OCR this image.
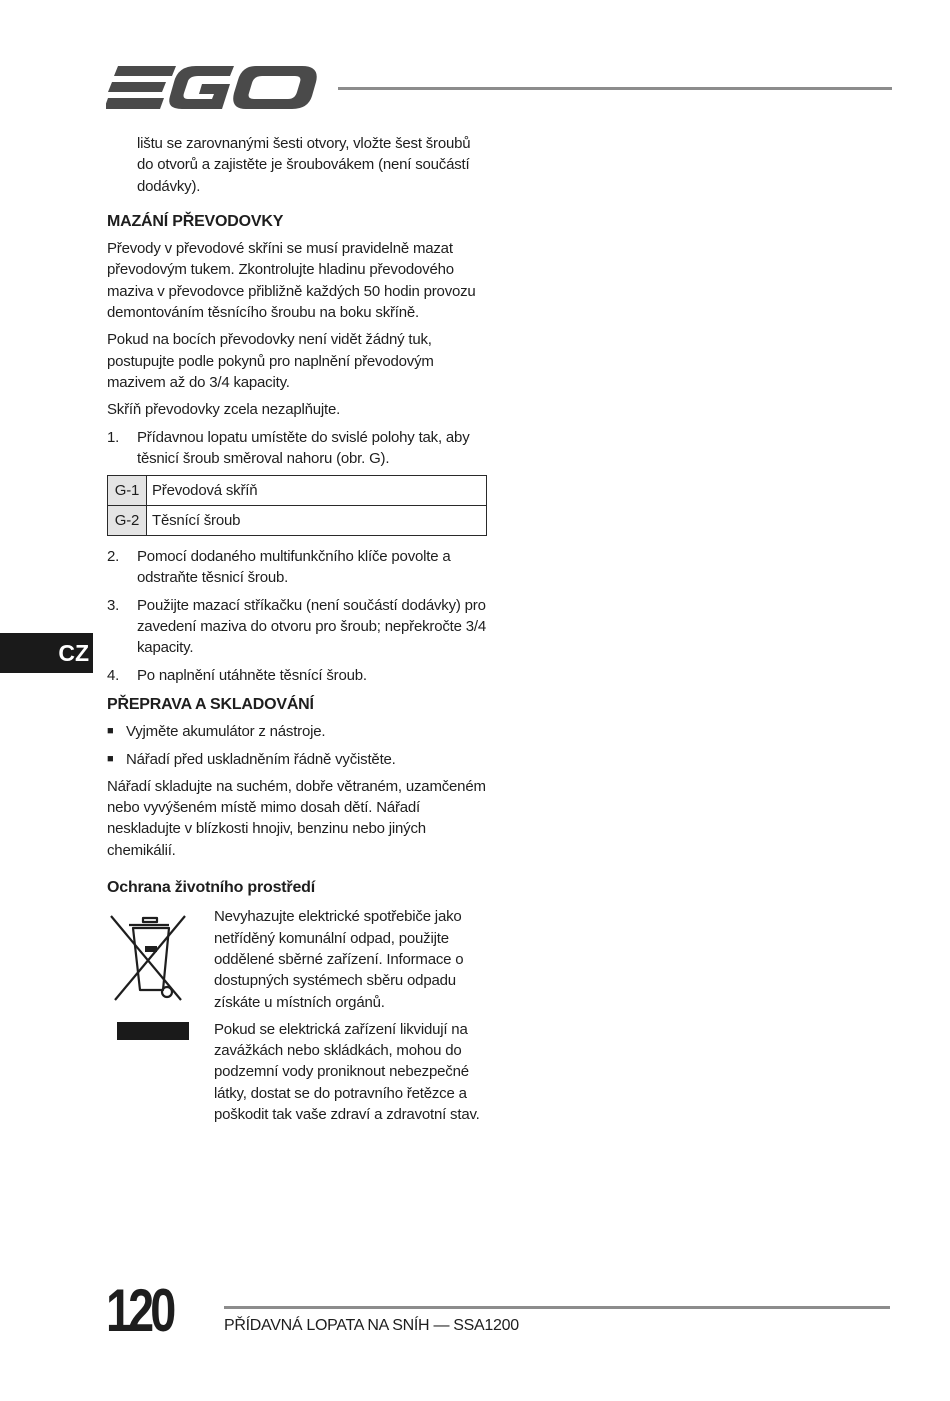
lištu se zarovnanými šesti otvory, vložte šest šroubů do otvorů a zajistěte je šroubovákem (není součástí dodávky).

MAZÁNÍ PŘEVODOVKY

Převody v převodové skříni se musí pravidelně mazat převodovým tukem. Zkontrolujte hladinu převodového maziva v převodovce přibližně každých 50 hodin provozu demontováním těsnícího šroubu na boku skříně.

Pokud na bocích převodovky není vidět žádný tuk, postupujte podle pokynů pro naplnění převodovým mazivem až do 3/4 kapacity.

Skříň převodovky zcela nezaplňujte.

1.	Přídavnou lopatu umístěte do svislé polohy tak, aby těsnicí šroub směroval nahoru (obr. G).
G-1	Převodová skříň
G-2	Těsnící šroub
2.	Pomocí dodaného multifunkčního klíče povolte a odstraňte těsnicí šroub.
3.	Použijte mazací stříkačku (není součástí dodávky) pro zavedení maziva do otvoru pro šroub; nepřekročte 3/4 kapacity.
4.	Po naplnění utáhněte těsnící šroub.
PŘEPRAVA A SKLADOVÁNÍ
■ Vyjměte akumulátor z nástroje.
■ Nářadí před uskladněním řádně vyčistěte.

Nářadí skladujte na suchém, dobře větraném, uzamčeném nebo vyvýšeném místě mimo dosah dětí. Nářadí neskladujte v blízkosti hnojiv, benzinu nebo jiných chemikálií.

Ochrana životního prostředí

Nevyhazujte elektrické spotřebiče jako netříděný komunální odpad, použijte oddělené sběrné zařízení. Informace o dostupných systémech sběru odpadu získáte u místních orgánů.

Pokud se elektrická zařízení likvidují na zavážkách nebo skládkách, mohou do podzemní vody proniknout nebezpečné látky, dostat se do potravního řetězce a poškodit tak vaše zdraví a zdravotní stav.

CZ
120	PŘÍDAVNÁ LOPATA NA SNÍH — SSA1200
